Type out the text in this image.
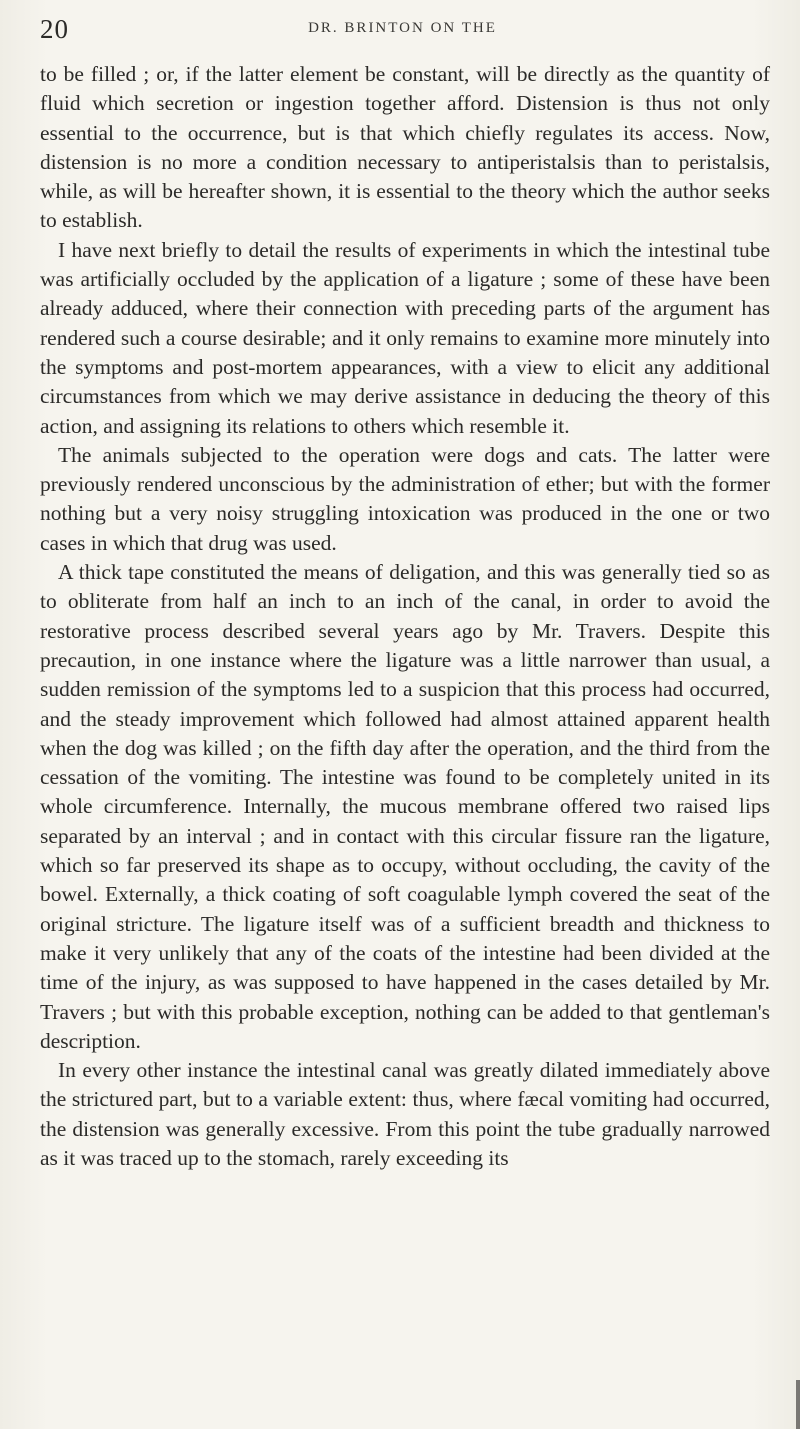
20	DR. BRINTON ON THE

to be filled ; or, if the latter element be constant, will be directly as the quantity of fluid which secretion or ingestion together afford. Distension is thus not only essential to the occurrence, but is that which chiefly regulates its access. Now, distension is no more a condition necessary to antiperistalsis than to peristalsis, while, as will be hereafter shown, it is essential to the theory which the author seeks to establish.

I have next briefly to detail the results of experiments in which the intestinal tube was artificially occluded by the application of a ligature ; some of these have been already adduced, where their connection with preceding parts of the argument has rendered such a course desirable; and it only remains to examine more minutely into the symptoms and post-mortem appearances, with a view to elicit any additional circumstances from which we may derive assistance in deducing the theory of this action, and assigning its relations to others which resemble it.

The animals subjected to the operation were dogs and cats. The latter were previously rendered unconscious by the administration of ether; but with the former nothing but a very noisy struggling intoxication was produced in the one or two cases in which that drug was used.

A thick tape constituted the means of deligation, and this was generally tied so as to obliterate from half an inch to an inch of the canal, in order to avoid the restorative process described several years ago by Mr. Travers. Despite this precaution, in one instance where the ligature was a little narrower than usual, a sudden remission of the symptoms led to a suspicion that this process had occurred, and the steady improvement which followed had almost attained apparent health when the dog was killed ; on the fifth day after the operation, and the third from the cessation of the vomiting. The intestine was found to be completely united in its whole circumference. Internally, the mucous membrane offered two raised lips separated by an interval ; and in contact with this circular fissure ran the ligature, which so far preserved its shape as to occupy, without occluding, the cavity of the bowel. Externally, a thick coating of soft coagulable lymph covered the seat of the original stricture. The ligature itself was of a sufficient breadth and thickness to make it very unlikely that any of the coats of the intestine had been divided at the time of the injury, as was supposed to have happened in the cases detailed by Mr. Travers ; but with this probable exception, nothing can be added to that gentleman's description.

In every other instance the intestinal canal was greatly dilated immediately above the strictured part, but to a variable extent: thus, where fæcal vomiting had occurred, the distension was generally excessive. From this point the tube gradually narrowed as it was traced up to the stomach, rarely exceeding its
